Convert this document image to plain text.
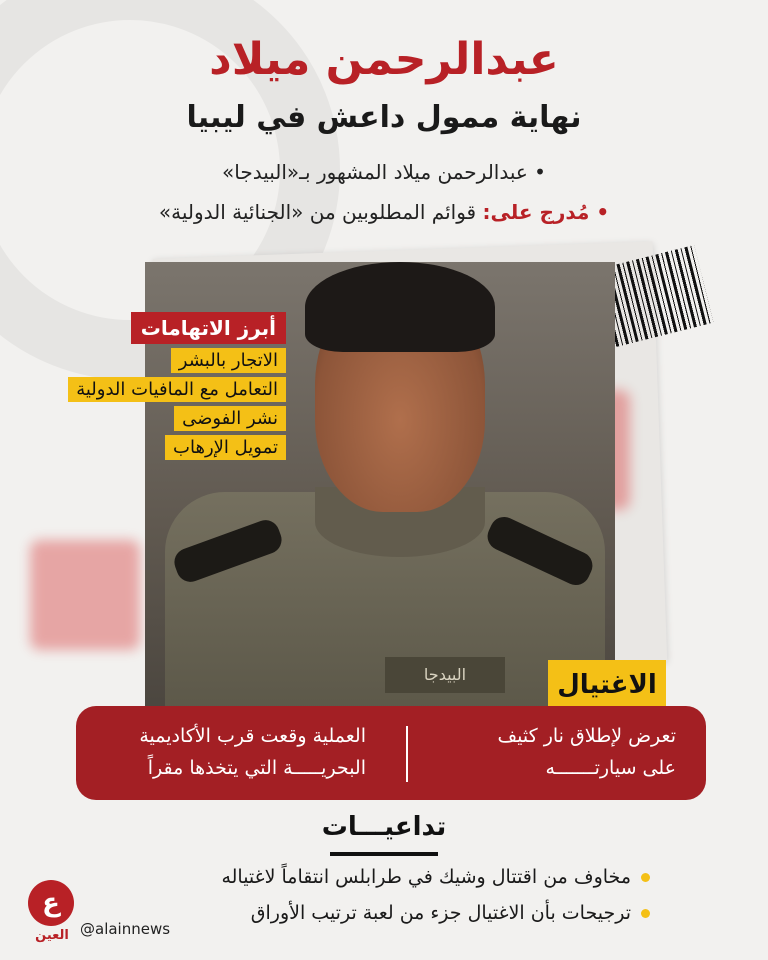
عبدالرحمن ميلاد
نهاية ممول داعش في ليبيا
• عبدالرحمن ميلاد المشهور بـ«البيدجا»
• مُدرج على: قوائم المطلوبين من «الجنائية الدولية»
البيدجا
أبرز الاتهامات
الاتجار بالبشر
التعامل مع المافيات الدولية
نشر الفوضى
تمويل الإرهاب
الاغتيال
تعرض لإطلاق نار كثيف
على سيارتـــــــه
العملية وقعت قرب الأكاديمية
البحريـــــة التي يتخذها مقراً
تداعيـــات
مخاوف من اقتتال وشيك في طرابلس انتقاماً لاغتياله
ترجيحات بأن الاغتيال جزء من لعبة ترتيب الأوراق
ع
العين @alainnews
